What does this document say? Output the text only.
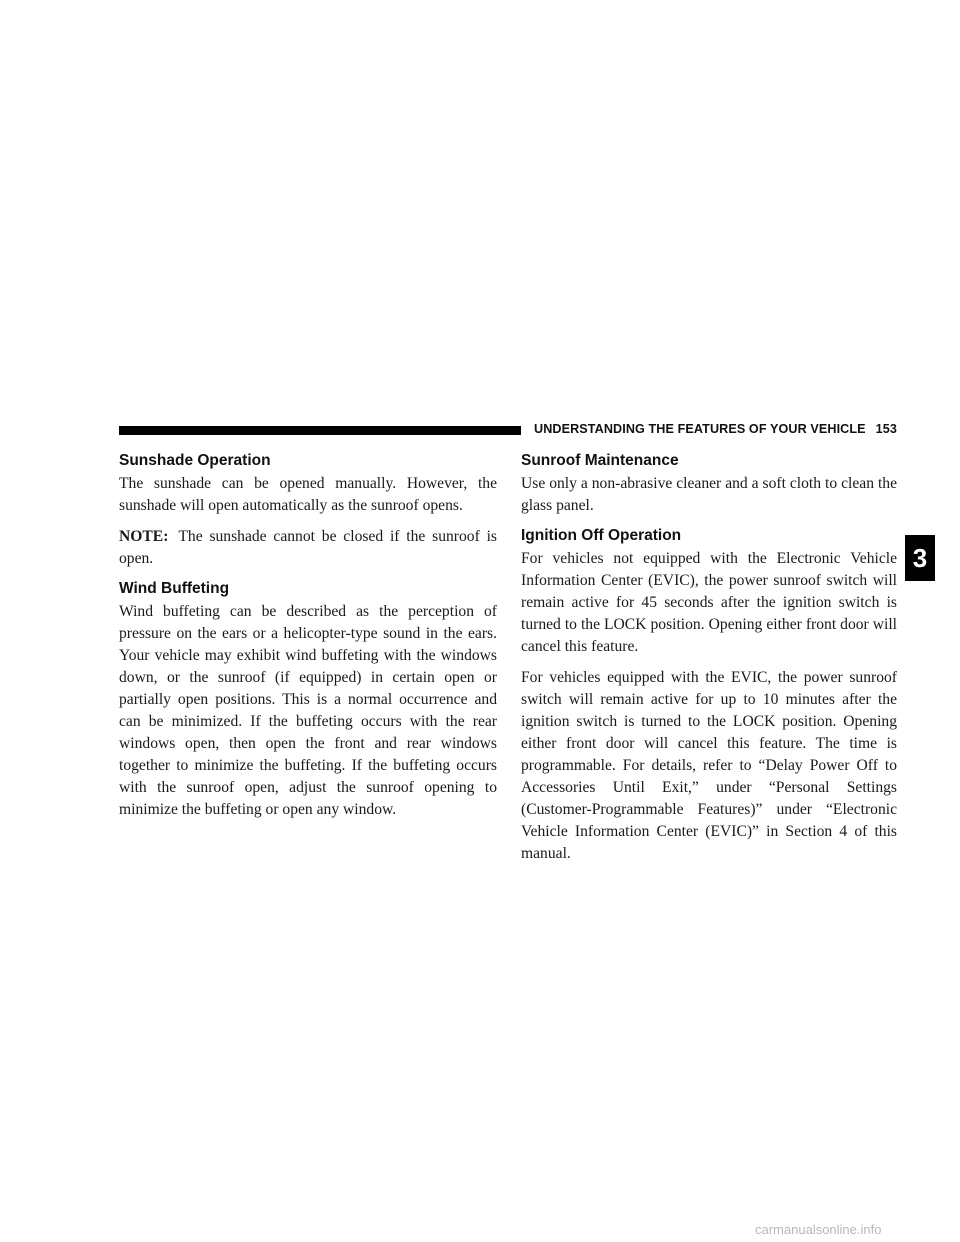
UNDERSTANDING THE FEATURES OF YOUR VEHICLE 153
Sunshade Operation

The sunshade can be opened manually. However, the sunshade will open automatically as the sunroof opens.

NOTE: The sunshade cannot be closed if the sunroof is open.

Wind Buffeting

Wind buffeting can be described as the perception of pressure on the ears or a helicopter-type sound in the ears. Your vehicle may exhibit wind buffeting with the windows down, or the sunroof (if equipped) in certain open or partially open positions. This is a normal occurrence and can be minimized. If the buffeting occurs with the rear windows open, then open the front and rear windows together to minimize the buffeting. If the buffeting occurs with the sunroof open, adjust the sunroof opening to minimize the buffeting or open any window.

Sunroof Maintenance

Use only a non-abrasive cleaner and a soft cloth to clean the glass panel.

Ignition Off Operation

For vehicles not equipped with the Electronic Vehicle Information Center (EVIC), the power sunroof switch will remain active for 45 seconds after the ignition switch is turned to the LOCK position. Opening either front door will cancel this feature.

For vehicles equipped with the EVIC, the power sunroof switch will remain active for up to 10 minutes after the ignition switch is turned to the LOCK position. Opening either front door will cancel this feature. The time is programmable. For details, refer to “Delay Power Off to Accessories Until Exit,” under “Personal Settings (Customer-Programmable Features)” under “Electronic Vehicle Information Center (EVIC)” in Section 4 of this manual.

3
carmanualsonline.info
